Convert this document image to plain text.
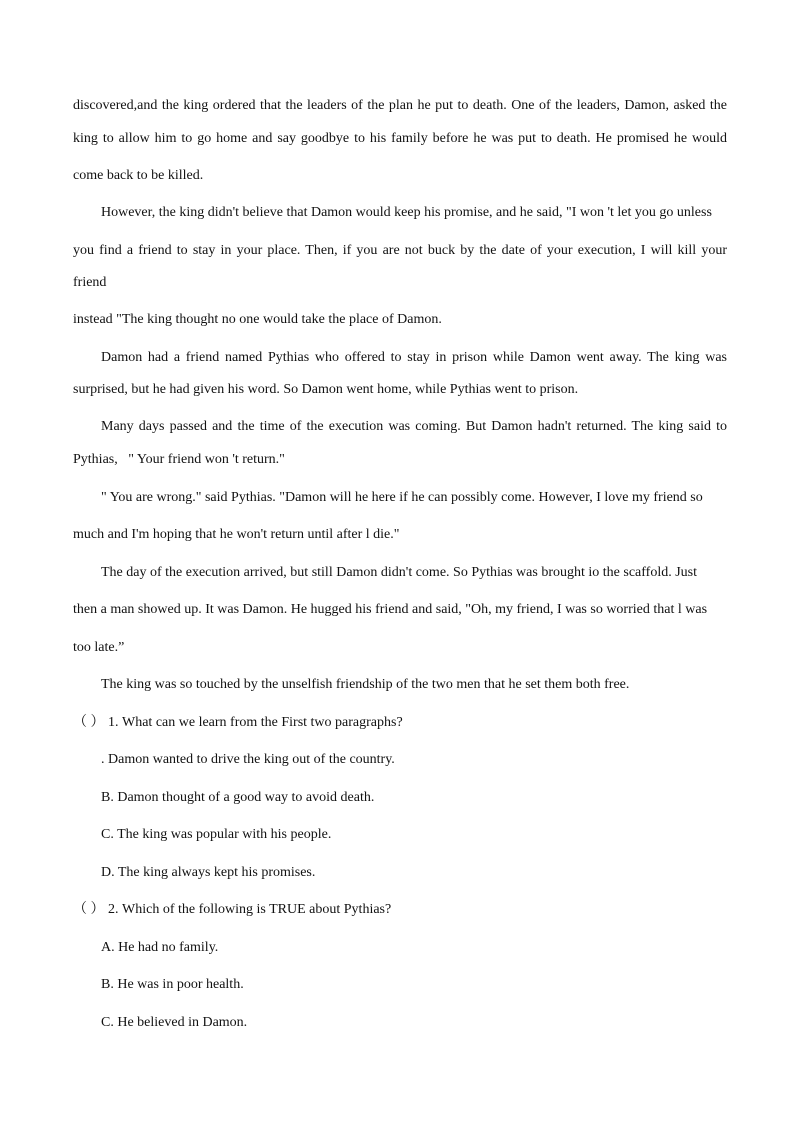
discovered,and the king ordered that the leaders of the plan he put to death. One of the leaders, Damon, asked the

king to allow him to go home and say goodbye to his family before he was put to death. He promised he would

come back to be killed.

However, the king didn't believe that Damon would keep his promise, and he said, "I won 't let you go unless

you find a friend to stay in your place. Then, if you are not buck by the date of your execution, I will kill your

friend

instead "The king thought no one would take the place of Damon.

Damon had a friend named Pythias who offered to stay in prison while Damon went away. The king was

surprised, but he had given his word. So Damon went home, while Pythias went to prison.

Many days passed and the time of the execution was coming. But Damon hadn't returned. The king said to

Pythias,   " Your friend won 't return."

" You are wrong." said Pythias. "Damon will he here if he can possibly come. However, I love my friend so

much and I'm hoping that he won't return until after l die."

The day of the execution arrived, but still Damon didn't come. So Pythias was brought io the scaffold. Just

then a man showed up. It was Damon. He hugged his friend and said, "Oh, my friend, I was so worried that l was

too late.”

The king was so touched by the unselfish friendship of the two men that he set them both free.

（ ） 1. What can we learn from the First two paragraphs?

. Damon wanted to drive the king out of the country.

B. Damon thought of a good way to avoid death.

C. The king was popular with his people.

D. The king always kept his promises.

（ ） 2. Which of the following is TRUE about Pythias?

A. He had no family.

B. He was in poor health.

C. He believed in Damon.
